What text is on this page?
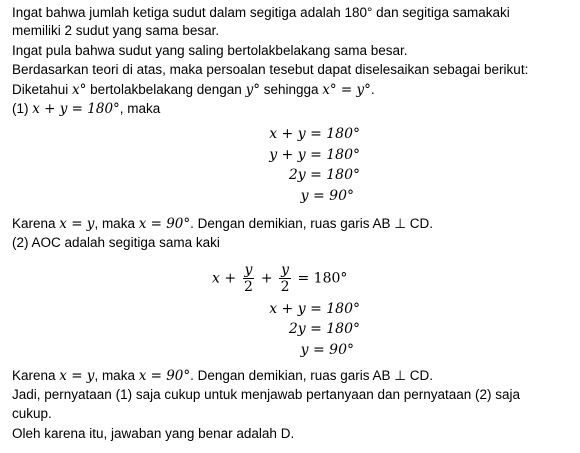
Ingat bahwa jumlah ketiga sudut dalam segitiga adalah 180° dan segitiga samakaki
memiliki 2 sudut yang sama besar.
Ingat pula bahwa sudut yang saling bertolakbelakang sama besar.
Berdasarkan teori di atas, maka persoalan tesebut dapat diselesaikan sebagai berikut:
Diketahui x° bertolakbelakang dengan y° sehingga x° = y°.
(1) x + y = 180°, maka
x + y = 180°
y + y = 180°
2y = 180°
y = 90°
Karena x = y, maka x = 90°. Dengan demikian, ruas garis AB ⊥ CD.
(2) AOC adalah segitiga sama kaki
$x + \frac{y}{2} + \frac{y}{2} = 180^\circ$
x + y = 180°
2y = 180°
y = 90°
Karena x = y, maka x = 90°. Dengan demikian, ruas garis AB ⊥ CD.
Jadi, pernyataan (1) saja cukup untuk menjawab pertanyaan dan pernyataan (2) saja
cukup.
Oleh karena itu, jawaban yang benar adalah D.
